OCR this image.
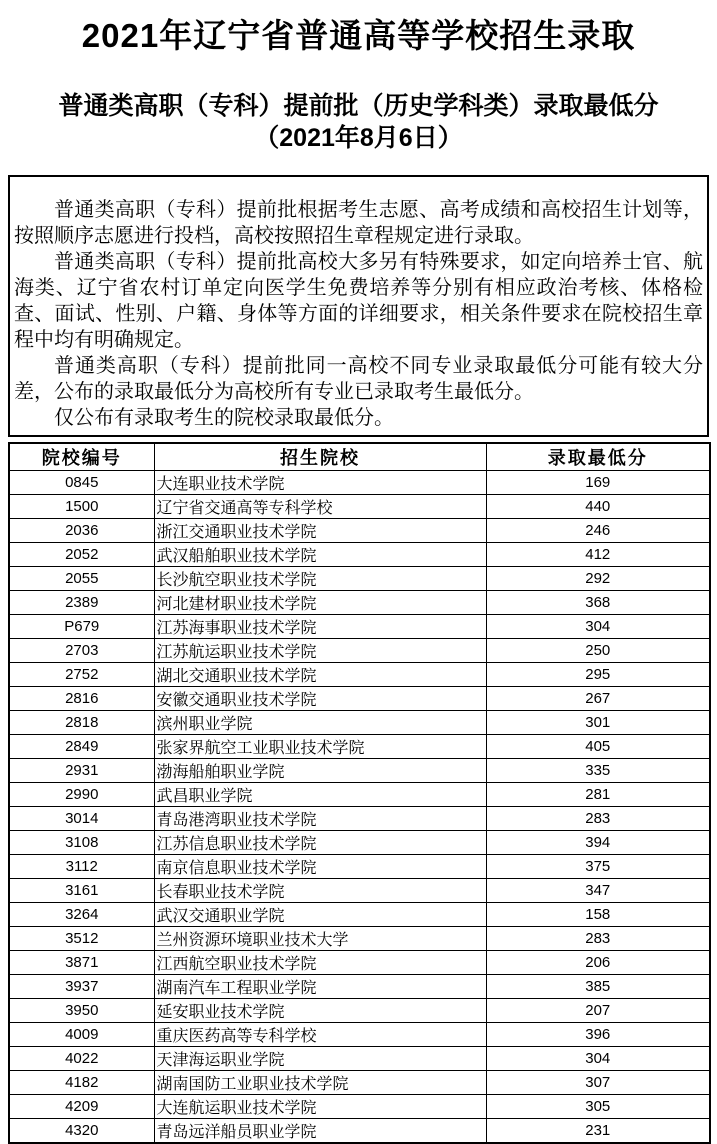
2021年辽宁省普通高等学校招生录取
普通类高职（专科）提前批（历史学科类）录取最低分
（2021年8月6日）

普通类高职（专科）提前批根据考生志愿、高考成绩和高校招生计划等，按照顺序志愿进行投档，高校按照招生章程规定进行录取。

普通类高职（专科）提前批高校大多另有特殊要求，如定向培养士官、航海类、辽宁省农村订单定向医学生免费培养等分别有相应政治考核、体格检查、面试、性别、户籍、身体等方面的详细要求，相关条件要求在院校招生章程中均有明确规定。

普通类高职（专科）提前批同一高校不同专业录取最低分可能有较大分差，公布的录取最低分为高校所有专业已录取考生最低分。

仅公布有录取考生的院校录取最低分。

院校编号	招生院校	录取最低分
0845	大连职业技术学院	169
1500	辽宁省交通高等专科学校	440
2036	浙江交通职业技术学院	246
2052	武汉船舶职业技术学院	412
2055	长沙航空职业技术学院	292
2389	河北建材职业技术学院	368
P679	江苏海事职业技术学院	304
2703	江苏航运职业技术学院	250
2752	湖北交通职业技术学院	295
2816	安徽交通职业技术学院	267
2818	滨州职业学院	301
2849	张家界航空工业职业技术学院	405
2931	渤海船舶职业学院	335
2990	武昌职业学院	281
3014	青岛港湾职业技术学院	283
3108	江苏信息职业技术学院	394
3112	南京信息职业技术学院	375
3161	长春职业技术学院	347
3264	武汉交通职业学院	158
3512	兰州资源环境职业技术大学	283
3871	江西航空职业技术学院	206
3937	湖南汽车工程职业学院	385
3950	延安职业技术学院	207
4009	重庆医药高等专科学校	396
4022	天津海运职业学院	304
4182	湖南国防工业职业技术学院	307
4209	大连航运职业技术学院	305
4320	青岛远洋船员职业学院	231
